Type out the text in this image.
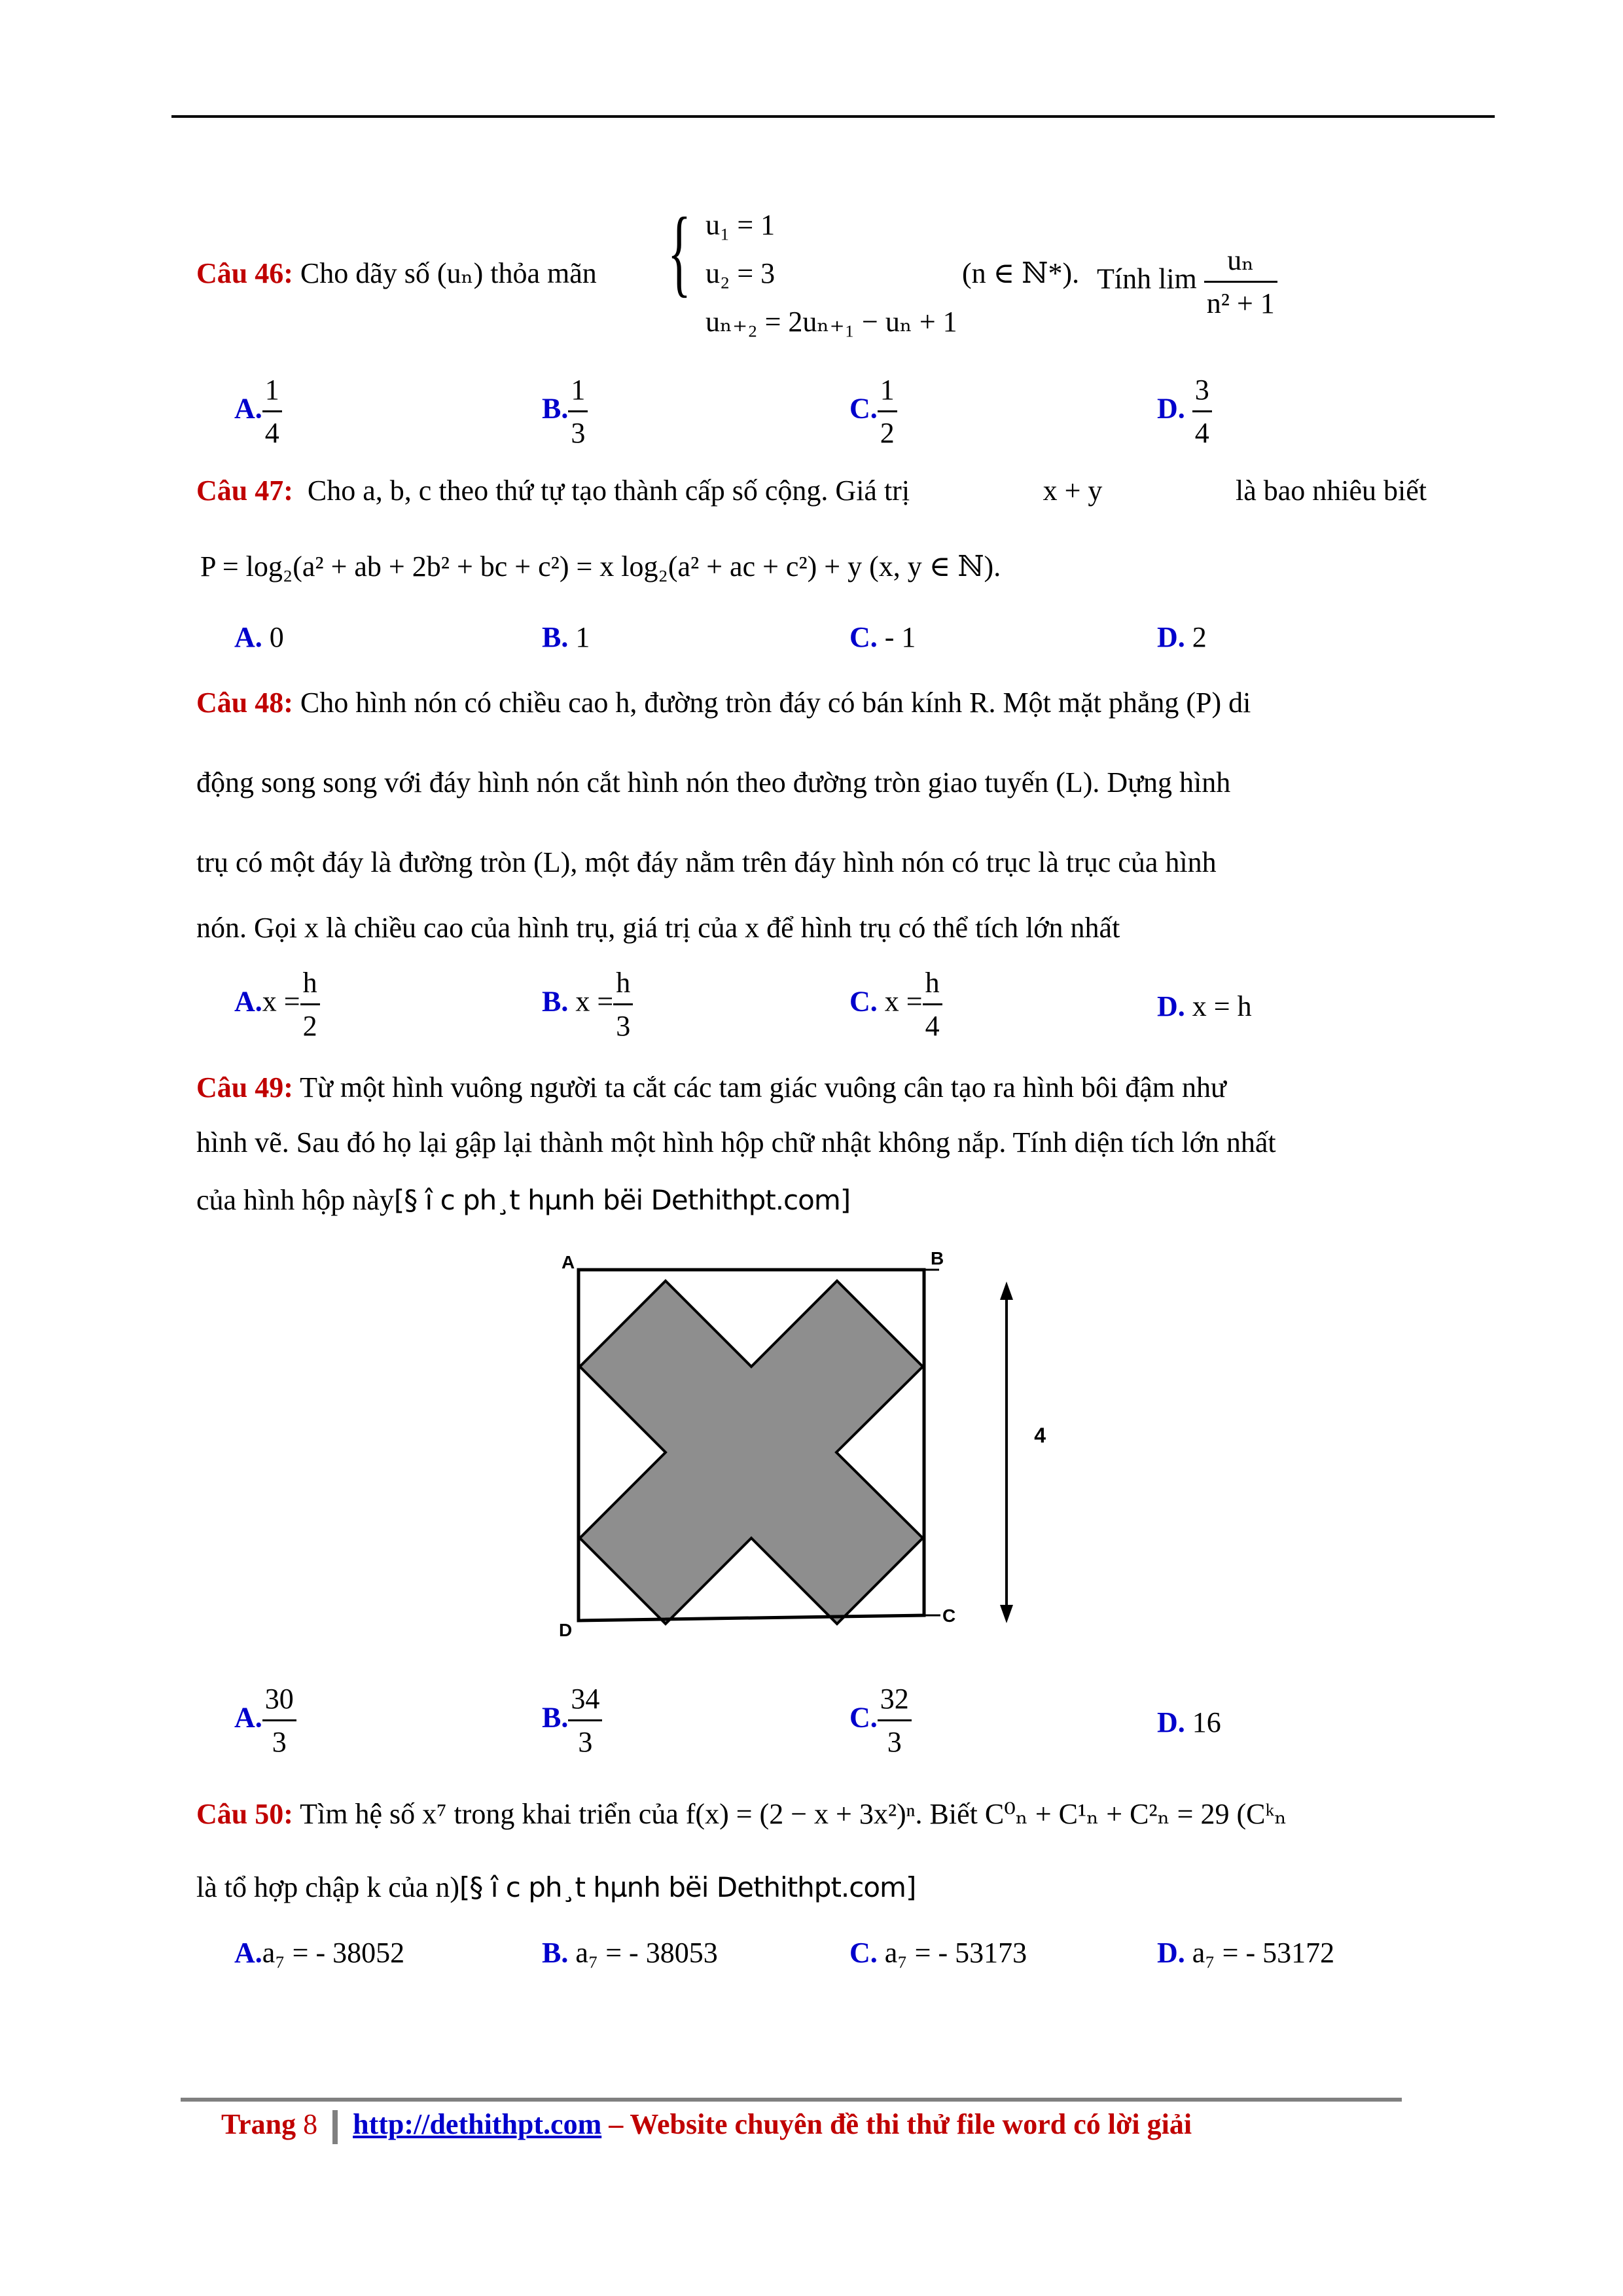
Câu 46: Cho dãy số (uₙ) thỏa mãn { u₁ = 1
u₂ = 3
uₙ₊₂ = 2uₙ₊₁ − uₙ + 1
(n ∈ ℕ*). Tính $\lim \frac{\text{uₙ}}{\text{n² + 1}}$
A. $\frac{1}{4}$	B. $\frac{1}{3}$	C. $\frac{1}{2}$	D. $\frac{3}{4}$
Câu 47: Cho a, b, c theo thứ tự tạo thành cấp số cộng. Giá trị	x + y	là bao nhiêu biết
P = log₂(a² + ab + 2b² + bc + c²) = x log₂(a² + ac + c²) + y (x, y ∈ ℕ).
A. 0	B. 1	C. - 1	D. 2
Câu 48: Cho hình nón có chiều cao h, đường tròn đáy có bán kính R. Một mặt phẳng (P) di
động song song với đáy hình nón cắt hình nón theo đường tròn giao tuyến (L). Dựng hình
trụ có một đáy là đường tròn (L), một đáy nằm trên đáy hình nón có trục là trục của hình
nón. Gọi x là chiều cao của hình trụ, giá trị của x để hình trụ có thể tích lớn nhất
$A.x = \frac{h}{2}$	B. $x = \frac{h}{3}$	C. $x = \frac{h}{4}$	D. x = h
Câu 49: Từ một hình vuông người ta cắt các tam giác vuông cân tạo ra hình bôi đậm như
hình vẽ. Sau đó họ lại gập lại thành một hình hộp chữ nhật không nắp. Tính diện tích lớn nhất
của hình hộp này[§ î c ph¸t hµnh bëi Dethithpt.com]
A	B
C
D
4
A. $\frac{30}{3}$	B. $\frac{34}{3}$	C. $\frac{32}{3}$	D. 16
Câu 50: Tìm hệ số x⁷ trong khai triển của f(x) = (2 − x + 3x²)ⁿ. Biết C⁰ₙ + C¹ₙ + C²ₙ = 29 (Cᵏₙ
là tổ hợp chập k của n)[§ î c ph¸t hµnh bëi Dethithpt.com]
A.a₇ = - 38052	B. a₇ = - 38053	C. a₇ = - 53173	D. a₇ = - 53172
Trang 8 http://dethithpt.com – Website chuyên đề thi thử file word có lời giải
